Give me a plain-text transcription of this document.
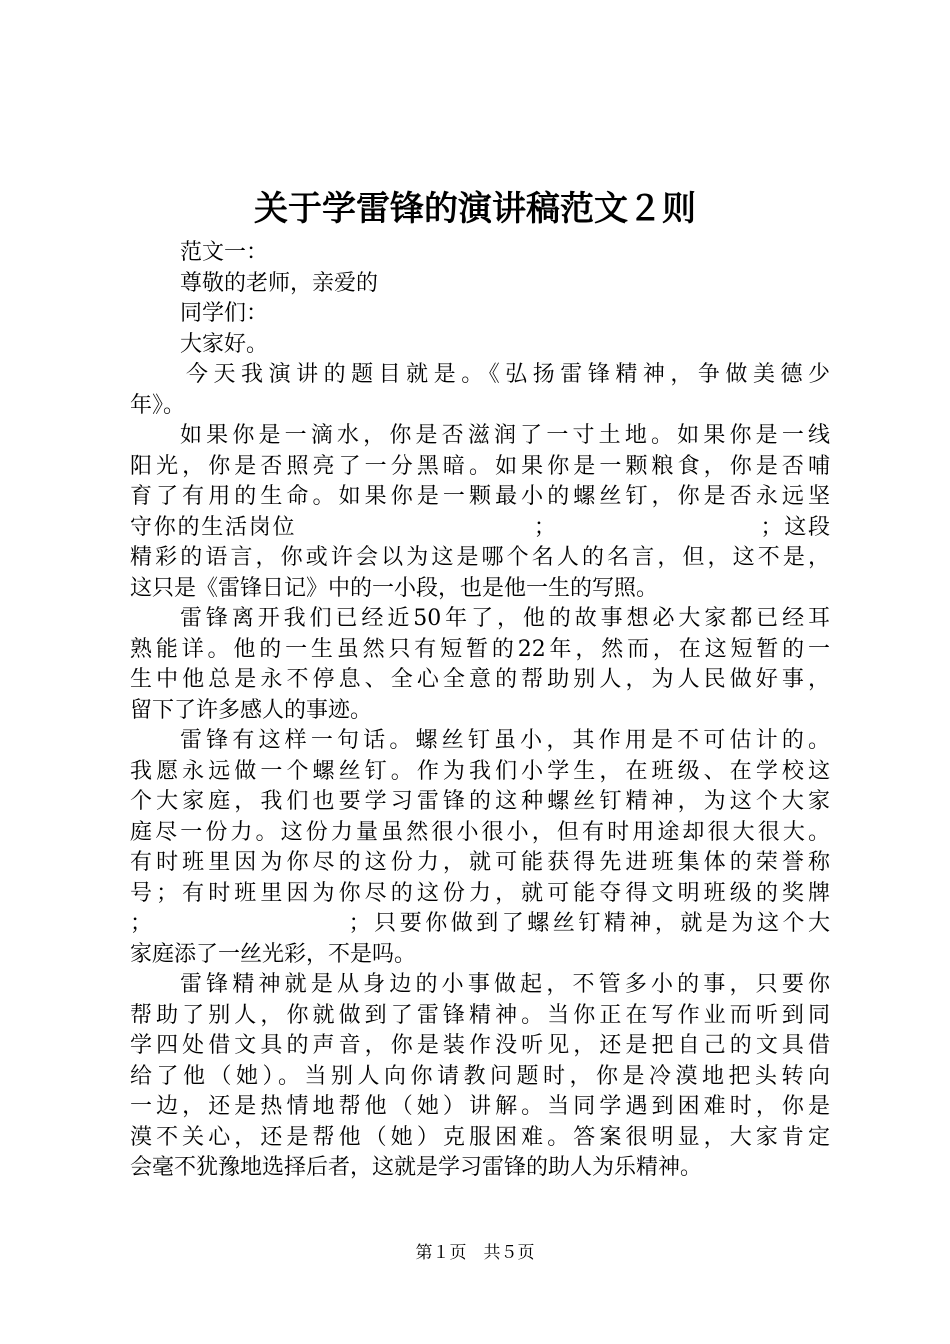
关于学雷锋的演讲稿范文２则
范文一：
尊敬的老师，亲爱的
同学们：
大家好。
今天我演讲的题目就是。《弘扬雷锋精神，争做美德少
年》。
如果你是一滴水，你是否滋润了一寸土地。如果你是一线
阳光，你是否照亮了一分黑暗。如果你是一颗粮食，你是否哺
育了有用的生命。如果你是一颗最小的螺丝钉，你是否永远坚
守你的生活岗位　　　　　　　　　　；　　　　　　　　　；这段
精彩的语言，你或许会以为这是哪个名人的名言，但，这不是，
这只是《雷锋日记》中的一小段，也是他一生的写照。
雷锋离开我们已经近50年了，他的故事想必大家都已经耳
熟能详。他的一生虽然只有短暂的22年，然而，在这短暂的一
生中他总是永不停息、全心全意的帮助别人，为人民做好事，
留下了许多感人的事迹。
雷锋有这样一句话。螺丝钉虽小，其作用是不可估计的。
我愿永远做一个螺丝钉。作为我们小学生，在班级、在学校这
个大家庭，我们也要学习雷锋的这种螺丝钉精神，为这个大家
庭尽一份力。这份力量虽然很小很小，但有时用途却很大很大。
有时班里因为你尽的这份力，就可能获得先进班集体的荣誉称
号；有时班里因为你尽的这份力，就可能夺得文明班级的奖牌
；　　　　　　　　；只要你做到了螺丝钉精神，就是为这个大
家庭添了一丝光彩，不是吗。
雷锋精神就是从身边的小事做起，不管多小的事，只要你
帮助了别人，你就做到了雷锋精神。当你正在写作业而听到同
学四处借文具的声音，你是装作没听见，还是把自己的文具借
给了他（她）。当别人向你请教问题时，你是冷漠地把头转向
一边，还是热情地帮他（她）讲解。当同学遇到困难时，你是
漠不关心，还是帮他（她）克服困难。答案很明显，大家肯定
会毫不犹豫地选择后者，这就是学习雷锋的助人为乐精神。
第１页　共５页
